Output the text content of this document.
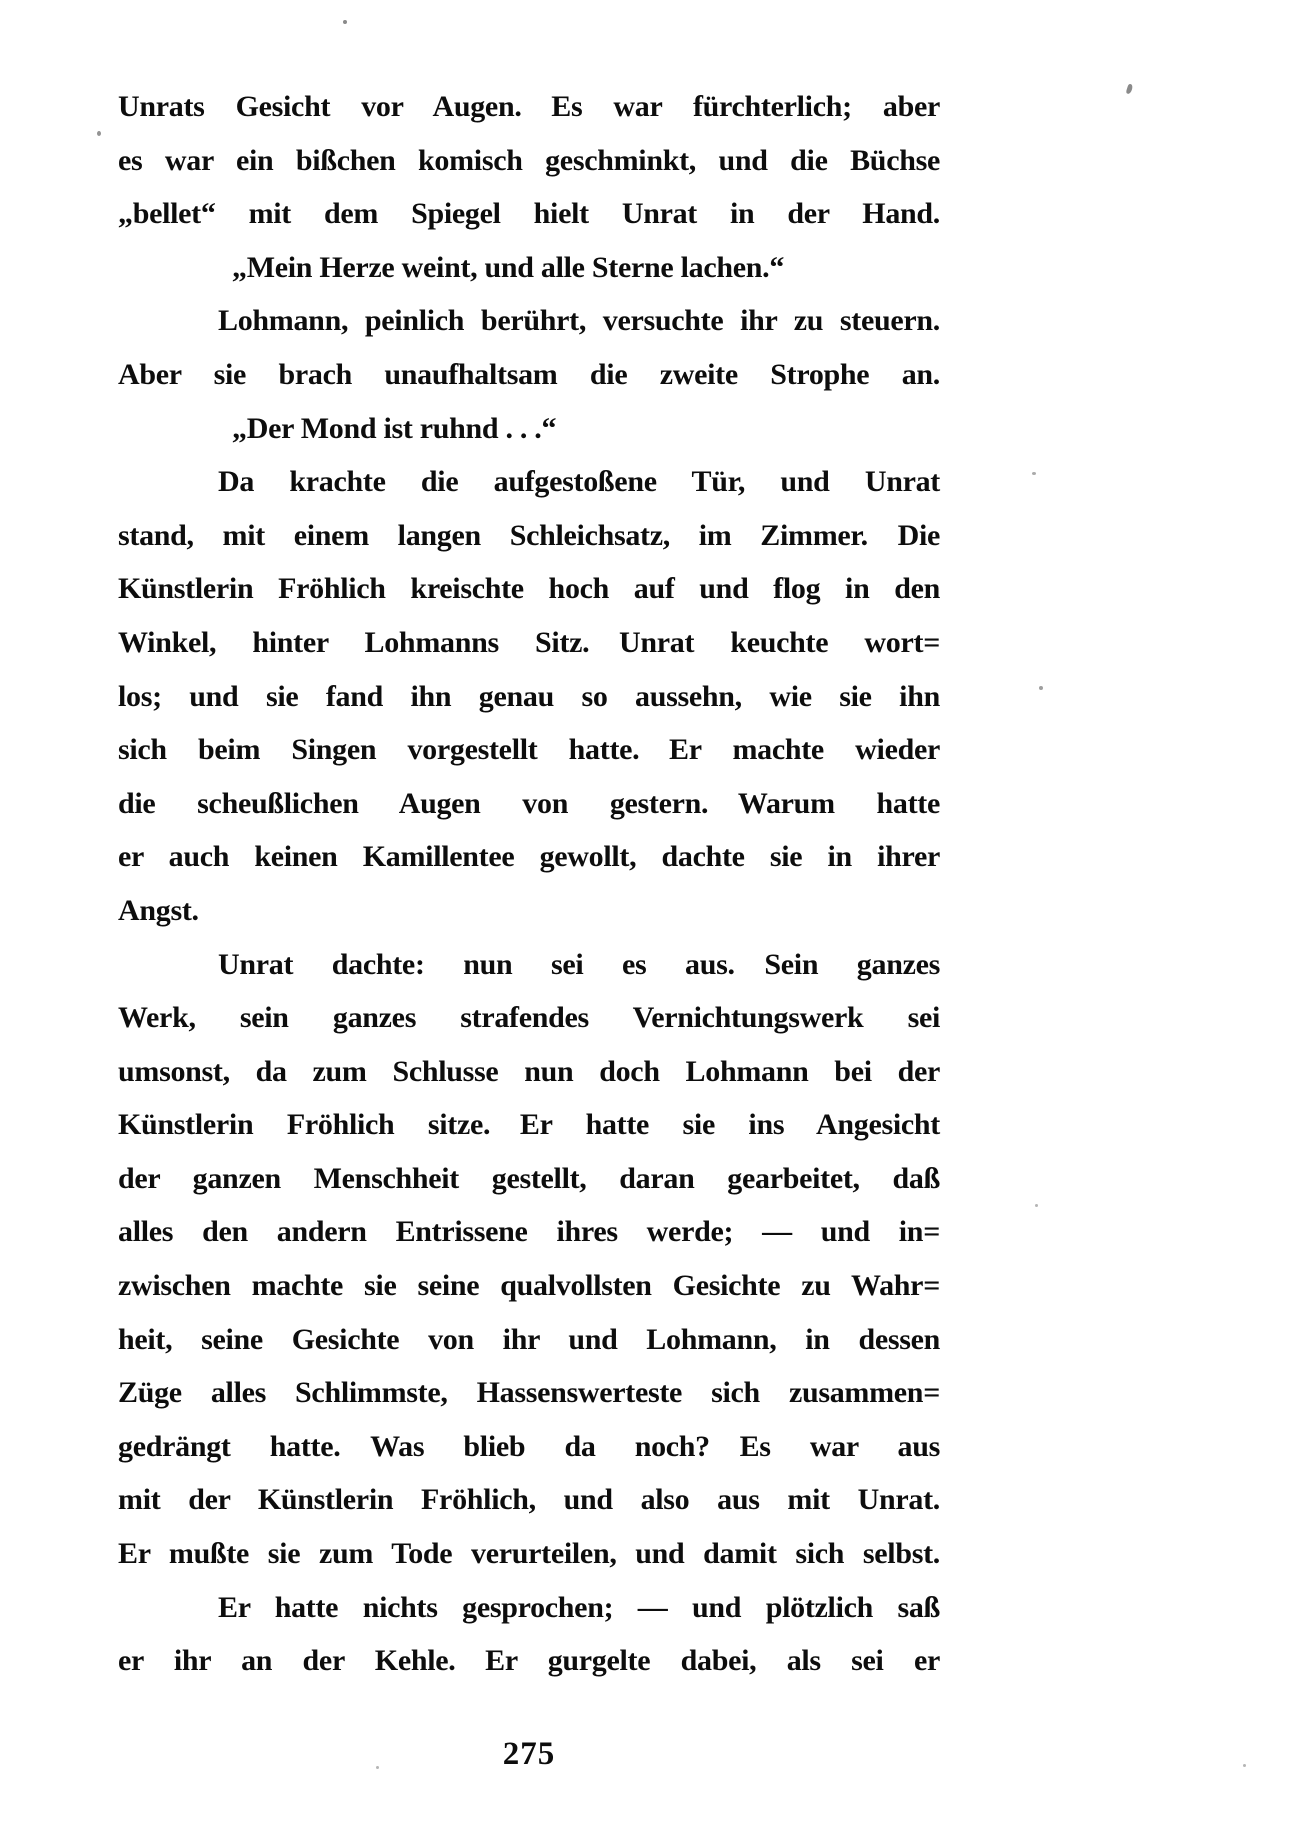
Unrats Gesicht vor Augen. Es war fürchterlich; aber
es war ein bißchen komisch geschminkt, und die Büchse
„bellet“ mit dem Spiegel hielt Unrat in der Hand.
„Mein Herze weint, und alle Sterne lachen.“
Lohmann, peinlich berührt, versuchte ihr zu steuern.
Aber sie brach unaufhaltsam die zweite Strophe an.
„Der Mond ist ruhnd . . .“
Da krachte die aufgestoßene Tür, und Unrat
stand, mit einem langen Schleichsatz, im Zimmer. Die
Künstlerin Fröhlich kreischte hoch auf und flog in den
Winkel, hinter Lohmanns Sitz. Unrat keuchte wort=
los; und sie fand ihn genau so aussehn, wie sie ihn
sich beim Singen vorgestellt hatte. Er machte wieder
die scheußlichen Augen von gestern. Warum hatte
er auch keinen Kamillentee gewollt, dachte sie in ihrer
Angst.
Unrat dachte: nun sei es aus. Sein ganzes
Werk, sein ganzes strafendes Vernichtungswerk sei
umsonst, da zum Schlusse nun doch Lohmann bei der
Künstlerin Fröhlich sitze. Er hatte sie ins Angesicht
der ganzen Menschheit gestellt, daran gearbeitet, daß
alles den andern Entrissene ihres werde; — und in=
zwischen machte sie seine qualvollsten Gesichte zu Wahr=
heit, seine Gesichte von ihr und Lohmann, in dessen
Züge alles Schlimmste, Hassenswerteste sich zusammen=
gedrängt hatte. Was blieb da noch? Es war aus
mit der Künstlerin Fröhlich, und also aus mit Unrat.
Er mußte sie zum Tode verurteilen, und damit sich selbst.
Er hatte nichts gesprochen; — und plötzlich saß
er ihr an der Kehle. Er gurgelte dabei, als sei er
275
